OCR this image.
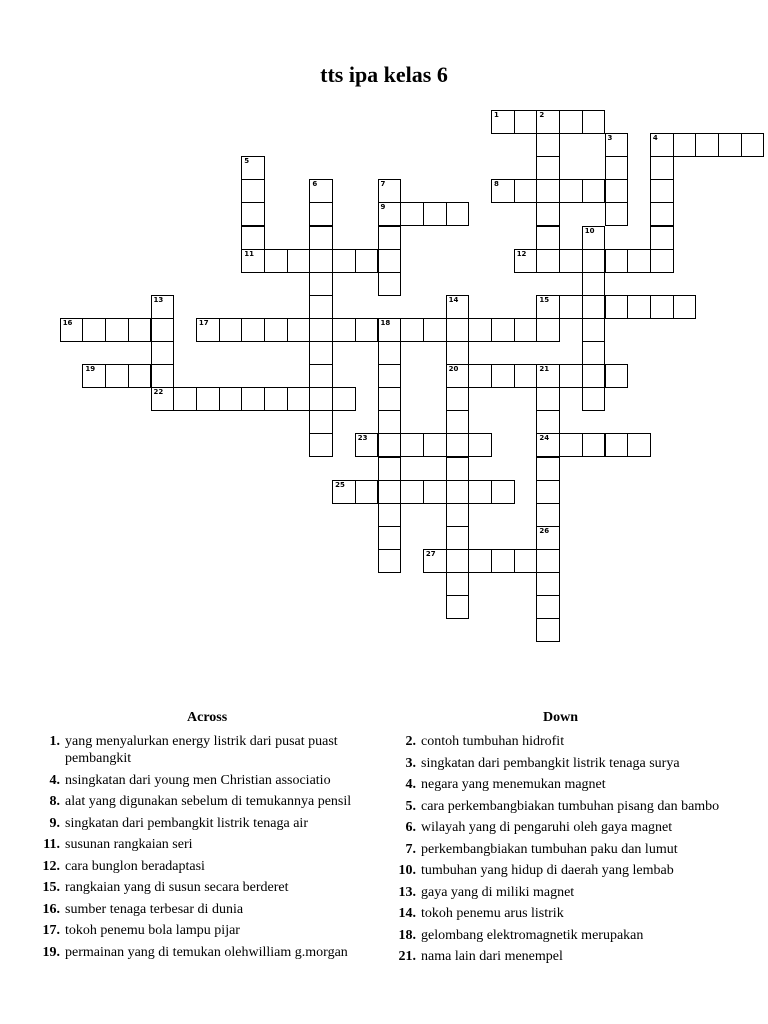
tts ipa kelas 6
1	2
3	4
5
11
6	7
9
8
10
12
13
22
14
20
15
16	17	18
19	21
24
23
25
26
27
Across	Down
1. yang menyalurkan energy listrik dari pusat puast pembangkit
4. nsingkatan dari young men Christian associatio
8. alat yang digunakan sebelum di temukannya pensil
9. singkatan dari pembangkit listrik tenaga air
11. susunan rangkaian seri
12. cara bunglon beradaptasi
15. rangkaian yang di susun secara berderet
16. sumber tenaga terbesar di dunia
17. tokoh penemu bola lampu pijar
19. permainan yang di temukan olehwilliam g.morgan
2. contoh tumbuhan hidrofit
3. singkatan dari pembangkit listrik tenaga surya
4. negara yang menemukan magnet
5. cara perkembangbiakan tumbuhan pisang dan bambo
6. wilayah yang di pengaruhi oleh gaya magnet
7. perkembangbiakan tumbuhan paku dan lumut
10. tumbuhan yang hidup di daerah yang lembab
13. gaya yang di miliki magnet
14. tokoh penemu arus listrik
18. gelombang elektromagnetik merupakan
21. nama lain dari menempel
